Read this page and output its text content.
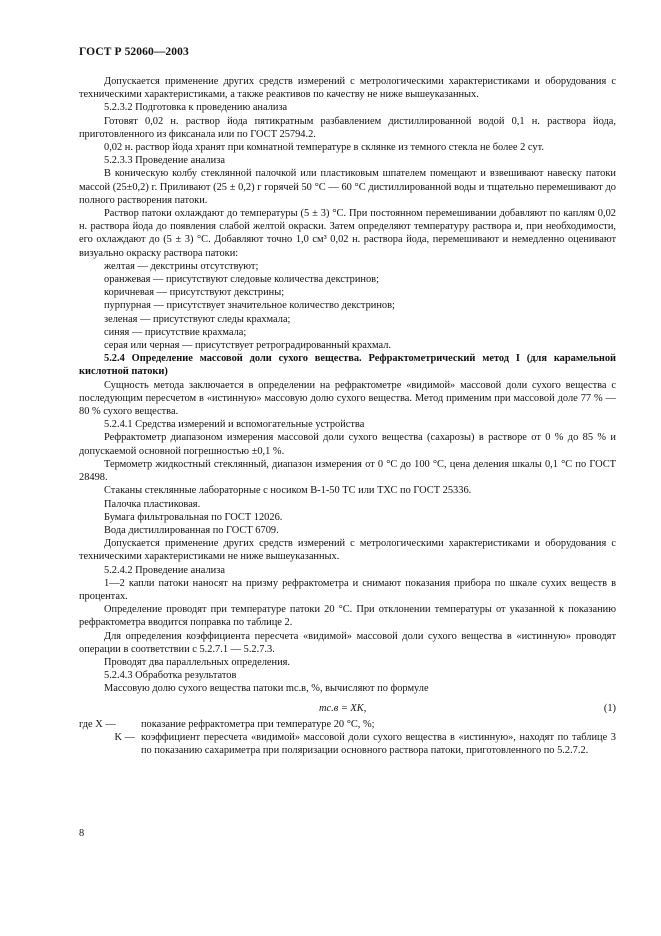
ГОСТ Р 52060—2003

Допускается применение других средств измерений с метрологическими характеристиками и оборудования с техническими характеристиками, а также реактивов по качеству не ниже вышеуказанных.

5.2.3.2 Подготовка к проведению анализа

Готовят 0,02 н. раствор йода пятикратным разбавлением дистиллированной водой 0,1 н. раствора йода, приготовленного из фиксанала или по ГОСТ 25794.2.

0,02 н. раствор йода хранят при комнатной температуре в склянке из темного стекла не более 2 сут.

5.2.3.3 Проведение анализа

В коническую колбу стеклянной палочкой или пластиковым шпателем помещают и взвешивают навеску патоки массой (25±0,2) г. Приливают (25 ± 0,2) г горячей 50 °С — 60 °С дистиллированной воды и тщательно перемешивают до полного растворения патоки.

Раствор патоки охлаждают до температуры (5 ± 3) °С. При постоянном перемешивании добавляют по каплям 0,02 н. раствора йода до появления слабой желтой окраски. Затем определяют температуру раствора и, при необходимости, его охлаждают до (5 ± 3) °С. Добавляют точно 1,0 см³ 0,02 н. раствора йода, перемешивают и немедленно оценивают визуально окраску раствора патоки:

желтая — декстрины отсутствуют;

оранжевая — присутствуют следовые количества декстринов;

коричневая — присутствуют декстрины;

пурпурная — присутствует значительное количество декстринов;

зеленая — присутствуют следы крахмала;

синяя — присутствие крахмала;

серая или черная — присутствует ретроградированный крахмал.

5.2.4 Определение массовой доли сухого вещества. Рефрактометрический метод I (для карамельной кислотной патоки)

Сущность метода заключается в определении на рефрактометре «видимой» массовой доли сухого вещества с последующим пересчетом в «истинную» массовую долю сухого вещества. Метод применим при массовой доле 77 % — 80 % сухого вещества.

5.2.4.1 Средства измерений и вспомогательные устройства

Рефрактометр диапазоном измерения массовой доли сухого вещества (сахарозы) в растворе от 0 % до 85 % и допускаемой основной погрешностью ±0,1 %.

Термометр жидкостный стеклянный, диапазон измерения от 0 °С до 100 °С, цена деления шкалы 0,1 °С по ГОСТ 28498.

Стаканы стеклянные лабораторные с носиком В-1-50 ТС или ТХС по ГОСТ 25336.

Палочка пластиковая.

Бумага фильтровальная по ГОСТ 12026.

Вода дистиллированная по ГОСТ 6709.

Допускается применение других средств измерений с метрологическими характеристиками и оборудования с техническими характеристиками не ниже вышеуказанных.

5.2.4.2 Проведение анализа

1—2 капли патоки наносят на призму рефрактометра и снимают показания прибора по шкале сухих веществ в процентах.

Определение проводят при температуре патоки 20 °С. При отклонении температуры от указанной к показанию рефрактометра вводится поправка по таблице 2.

Для определения коэффициента пересчета «видимой» массовой доли сухого вещества в «истинную» проводят операции в соответствии с 5.2.7.1 — 5.2.7.3.

Проводят два параллельных определения.

5.2.4.3 Обработка результатов

Массовую долю сухого вещества патоки mс.в, %, вычисляют по формуле

mс.в = XK,	(1)
где X —	показание рефрактометра при температуре 20 °С, %;
K — коэффициент пересчета «видимой» массовой доли сухого вещества в «истинную», находят по таблице 3 по показанию сахариметра при поляризации основного раствора патоки, приготовленного по 5.2.7.2.
8
